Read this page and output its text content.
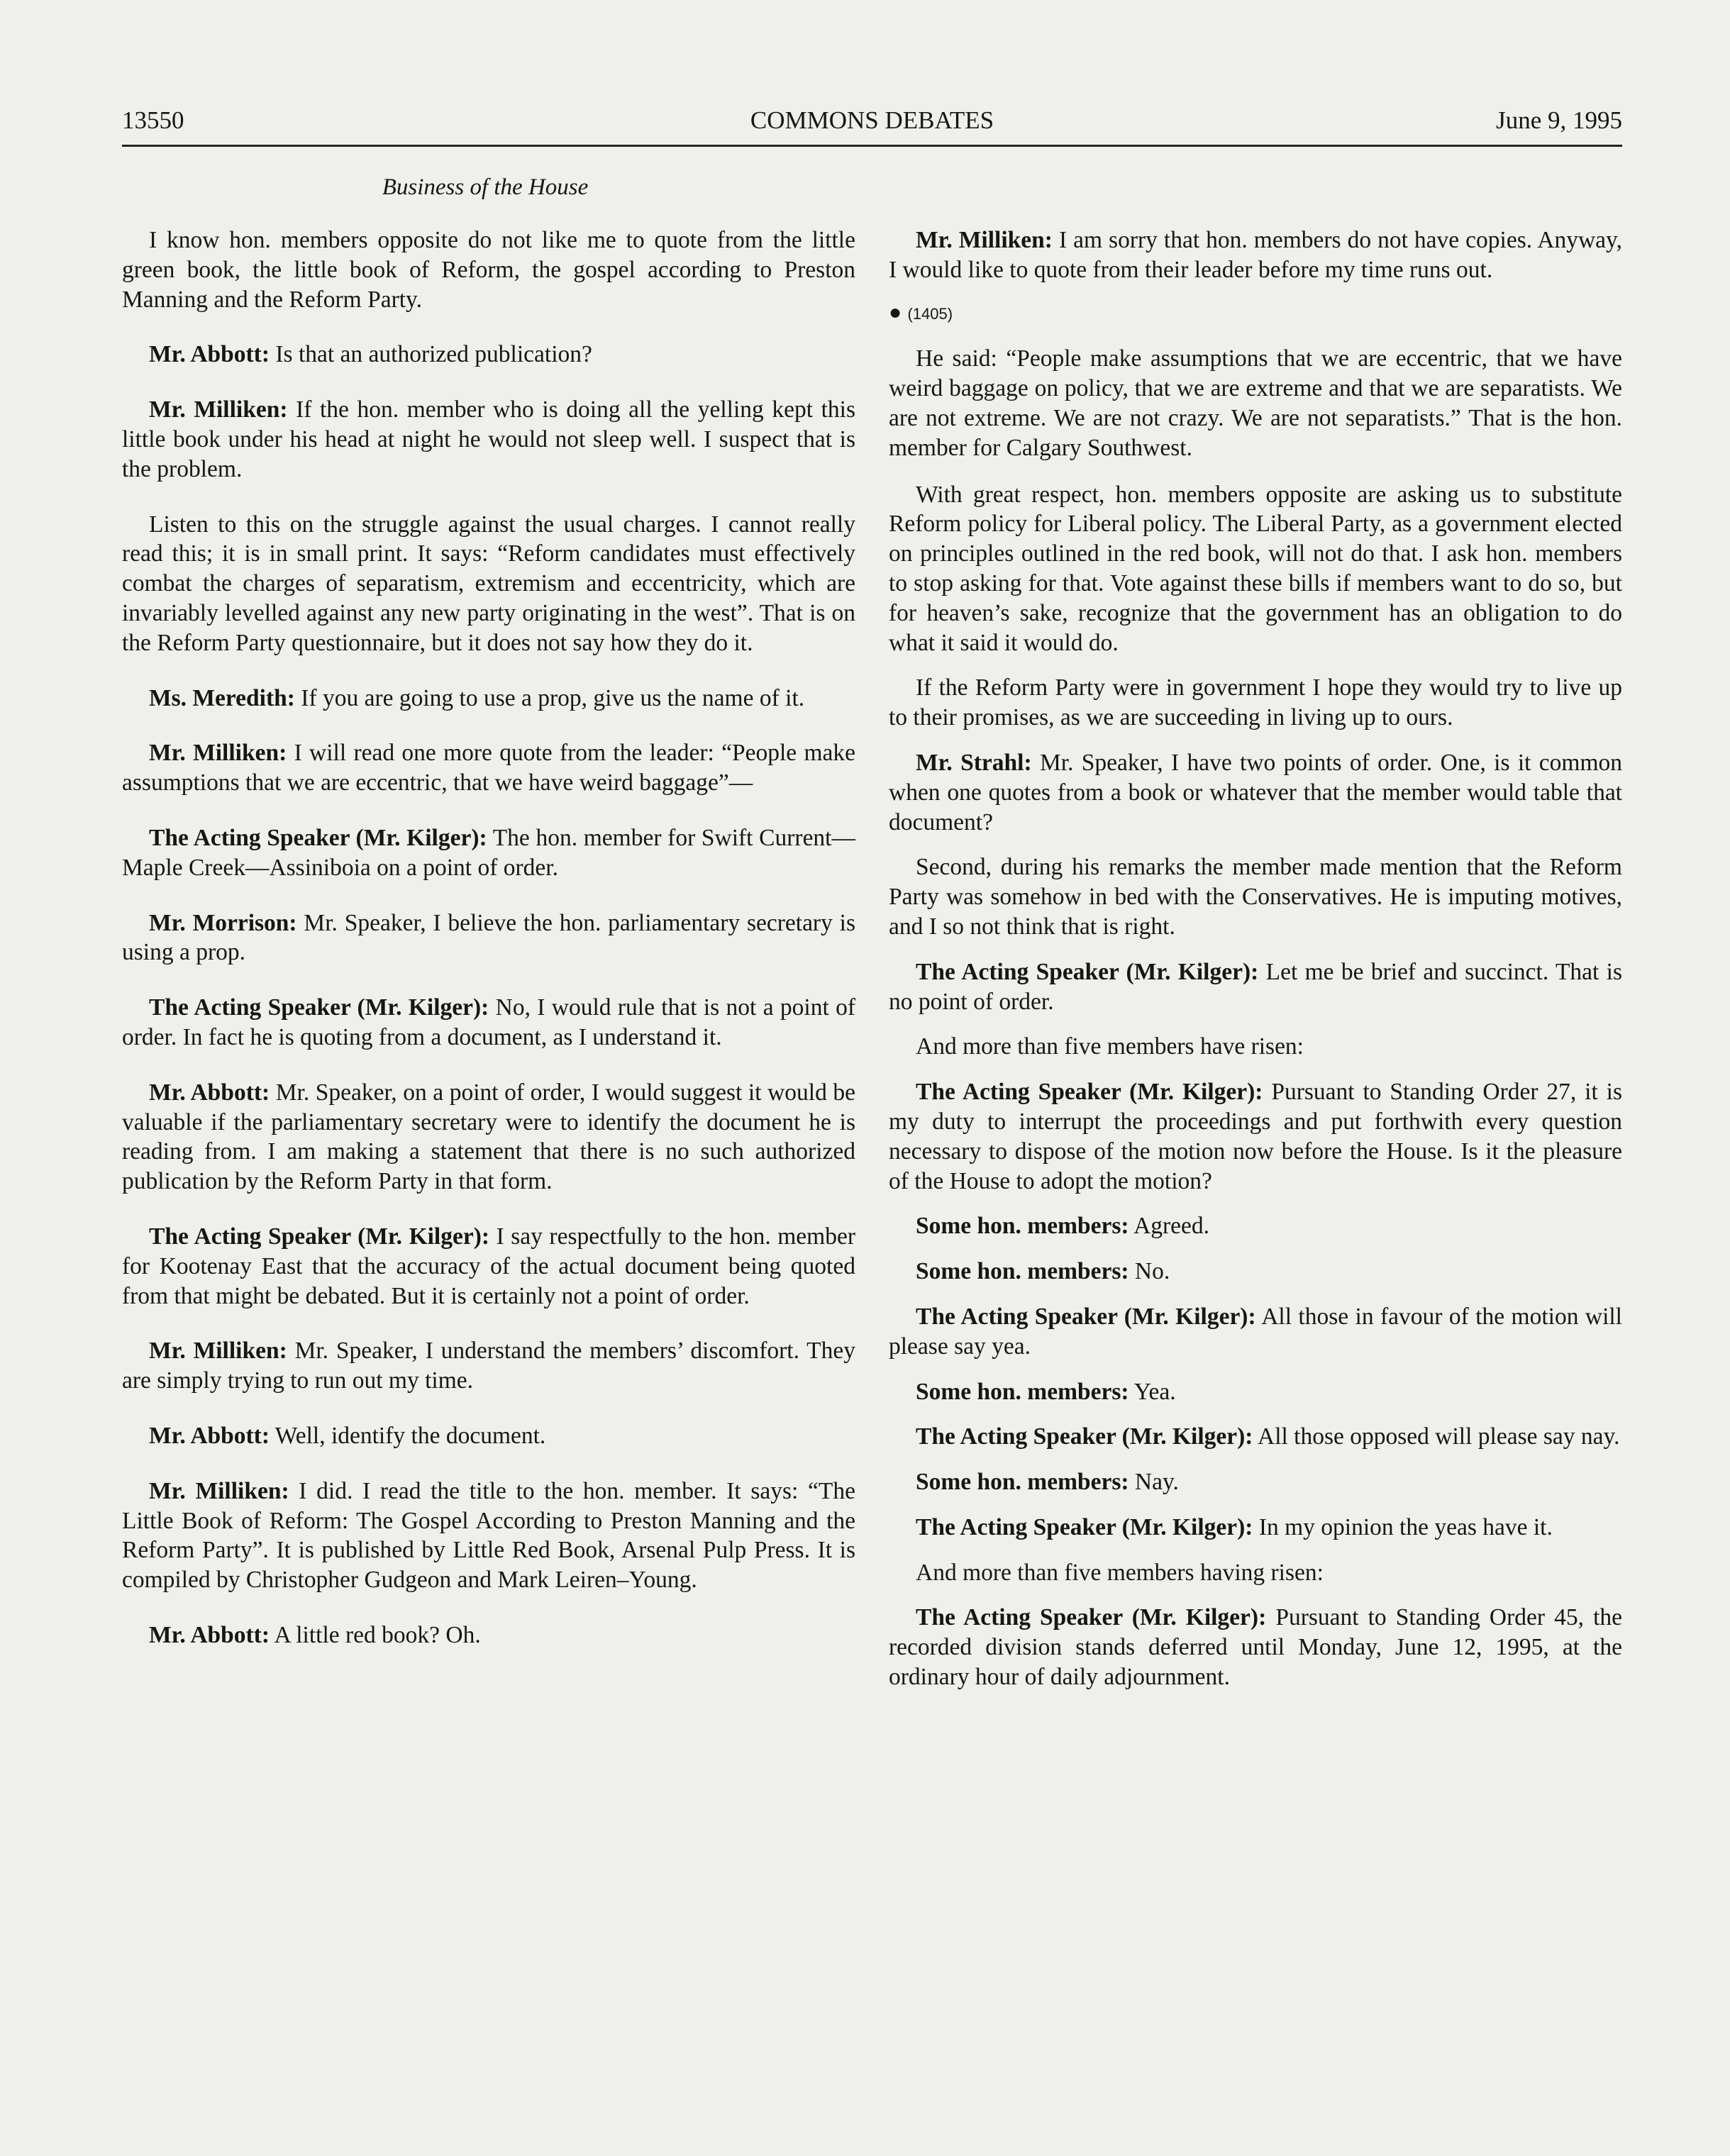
13550	COMMONS DEBATES	June 9, 1995
Business of the House

I know hon. members opposite do not like me to quote from the little green book, the little book of Reform, the gospel according to Preston Manning and the Reform Party.

Mr. Abbott: Is that an authorized publication?

Mr. Milliken: If the hon. member who is doing all the yelling kept this little book under his head at night he would not sleep well. I suspect that is the problem.

Listen to this on the struggle against the usual charges. I cannot really read this; it is in small print. It says: “Reform candidates must effectively combat the charges of separatism, extremism and eccentricity, which are invariably levelled against any new party originating in the west”. That is on the Reform Party questionnaire, but it does not say how they do it.

Ms. Meredith: If you are going to use a prop, give us the name of it.

Mr. Milliken: I will read one more quote from the leader: “People make assumptions that we are eccentric, that we have weird baggage”—

The Acting Speaker (Mr. Kilger): The hon. member for Swift Current—Maple Creek—Assiniboia on a point of order.

Mr. Morrison: Mr. Speaker, I believe the hon. parliamentary secretary is using a prop.

The Acting Speaker (Mr. Kilger): No, I would rule that is not a point of order. In fact he is quoting from a document, as I understand it.

Mr. Abbott: Mr. Speaker, on a point of order, I would suggest it would be valuable if the parliamentary secretary were to identify the document he is reading from. I am making a statement that there is no such authorized publication by the Reform Party in that form.

The Acting Speaker (Mr. Kilger): I say respectfully to the hon. member for Kootenay East that the accuracy of the actual document being quoted from that might be debated. But it is certainly not a point of order.

Mr. Milliken: Mr. Speaker, I understand the members’ discomfort. They are simply trying to run out my time.

Mr. Abbott: Well, identify the document.

Mr. Milliken: I did. I read the title to the hon. member. It says: “The Little Book of Reform: The Gospel According to Preston Manning and the Reform Party”. It is published by Little Red Book, Arsenal Pulp Press. It is compiled by Christopher Gudgeon and Mark Leiren–Young.

Mr. Abbott: A little red book? Oh.

Mr. Milliken: I am sorry that hon. members do not have copies. Anyway, I would like to quote from their leader before my time runs out.

● (1405)

He said: “People make assumptions that we are eccentric, that we have weird baggage on policy, that we are extreme and that we are separatists. We are not extreme. We are not crazy. We are not separatists.” That is the hon. member for Calgary Southwest.

With great respect, hon. members opposite are asking us to substitute Reform policy for Liberal policy. The Liberal Party, as a government elected on principles outlined in the red book, will not do that. I ask hon. members to stop asking for that. Vote against these bills if members want to do so, but for heaven’s sake, recognize that the government has an obligation to do what it said it would do.

If the Reform Party were in government I hope they would try to live up to their promises, as we are succeeding in living up to ours.

Mr. Strahl: Mr. Speaker, I have two points of order. One, is it common when one quotes from a book or whatever that the member would table that document?

Second, during his remarks the member made mention that the Reform Party was somehow in bed with the Conservatives. He is imputing motives, and I so not think that is right.

The Acting Speaker (Mr. Kilger): Let me be brief and succinct. That is no point of order.

And more than five members have risen:

The Acting Speaker (Mr. Kilger): Pursuant to Standing Order 27, it is my duty to interrupt the proceedings and put forthwith every question necessary to dispose of the motion now before the House. Is it the pleasure of the House to adopt the motion?

Some hon. members: Agreed.

Some hon. members: No.

The Acting Speaker (Mr. Kilger): All those in favour of the motion will please say yea.

Some hon. members: Yea.

The Acting Speaker (Mr. Kilger): All those opposed will please say nay.

Some hon. members: Nay.

The Acting Speaker (Mr. Kilger): In my opinion the yeas have it.

And more than five members having risen:

The Acting Speaker (Mr. Kilger): Pursuant to Standing Order 45, the recorded division stands deferred until Monday, June 12, 1995, at the ordinary hour of daily adjournment.
